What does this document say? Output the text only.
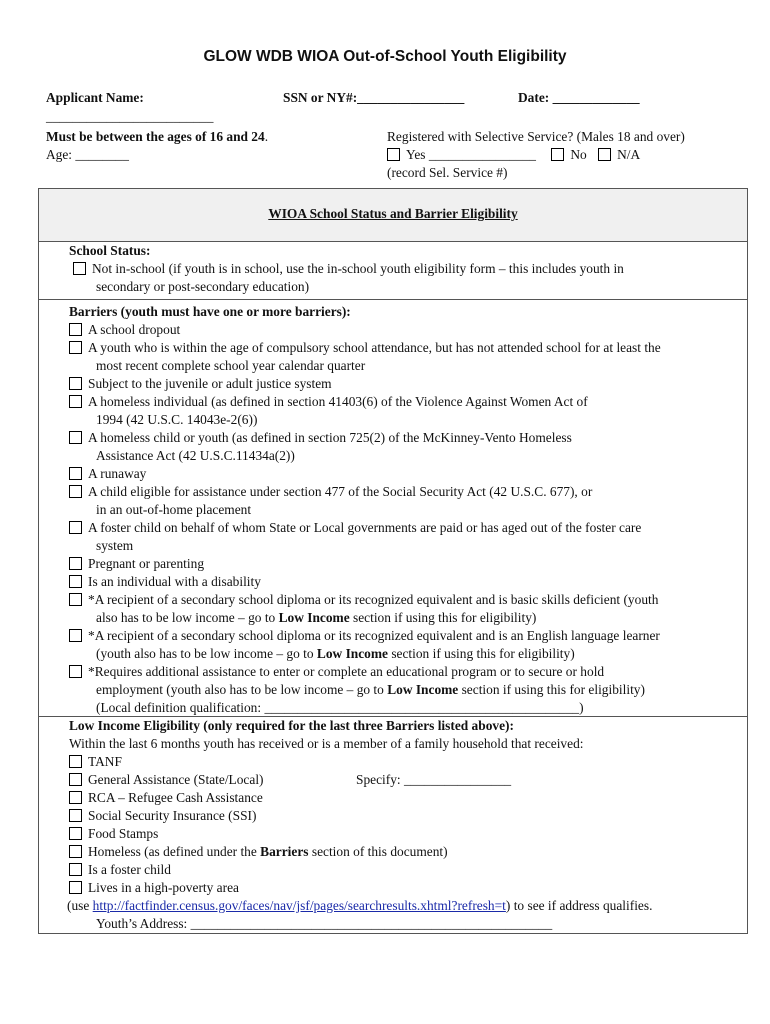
GLOW WDB WIOA Out-of-School Youth Eligibility
Applicant Name:	SSN or NY#:________________	Date: _____________
_________________________
Must be between the ages of 16 and 24.
Age: ________
Registered with Selective Service? (Males 18 and over)
Yes ________________	No N/A
(record Sel. Service #)
WIOA School Status and Barrier Eligibility
School Status:
Not in-school (if youth is in school, use the in-school youth eligibility form – this includes youth in
secondary or post-secondary education)
Barriers (youth must have one or more barriers):
A school dropout
A youth who is within the age of compulsory school attendance, but has not attended school for at least the
most recent complete school year calendar quarter
Subject to the juvenile or adult justice system
A homeless individual (as defined in section 41403(6) of the Violence Against Women Act of
1994 (42 U.S.C. 14043e-2(6))
A homeless child or youth (as defined in section 725(2) of the McKinney-Vento Homeless
Assistance Act (42 U.S.C.11434a(2))
A runaway
A child eligible for assistance under section 477 of the Social Security Act (42 U.S.C. 677), or
in an out-of-home placement
A foster child on behalf of whom State or Local governments are paid or has aged out of the foster care
system
Pregnant or parenting
Is an individual with a disability
*A recipient of a secondary school diploma or its recognized equivalent and is basic skills deficient (youth
also has to be low income – go to Low Income section if using this for eligibility)
*A recipient of a secondary school diploma or its recognized equivalent and is an English language learner
(youth also has to be low income – go to Low Income section if using this for eligibility)
*Requires additional assistance to enter or complete an educational program or to secure or hold
employment (youth also has to be low income – go to Low Income section if using this for eligibility)
(Local definition qualification: _______________________________________________)
Low Income Eligibility (only required for the last three Barriers listed above):
Within the last 6 months youth has received or is a member of a family household that received:
TANF
General Assistance (State/Local)	Specify: ________________
RCA – Refugee Cash Assistance
Social Security Insurance (SSI)
Food Stamps
Homeless (as defined under the Barriers section of this document)
Is a foster child
Lives in a high-poverty area
(use http://factfinder.census.gov/faces/nav/jsf/pages/searchresults.xhtml?refresh=t) to see if address qualifies.
Youth’s Address: ______________________________________________________
